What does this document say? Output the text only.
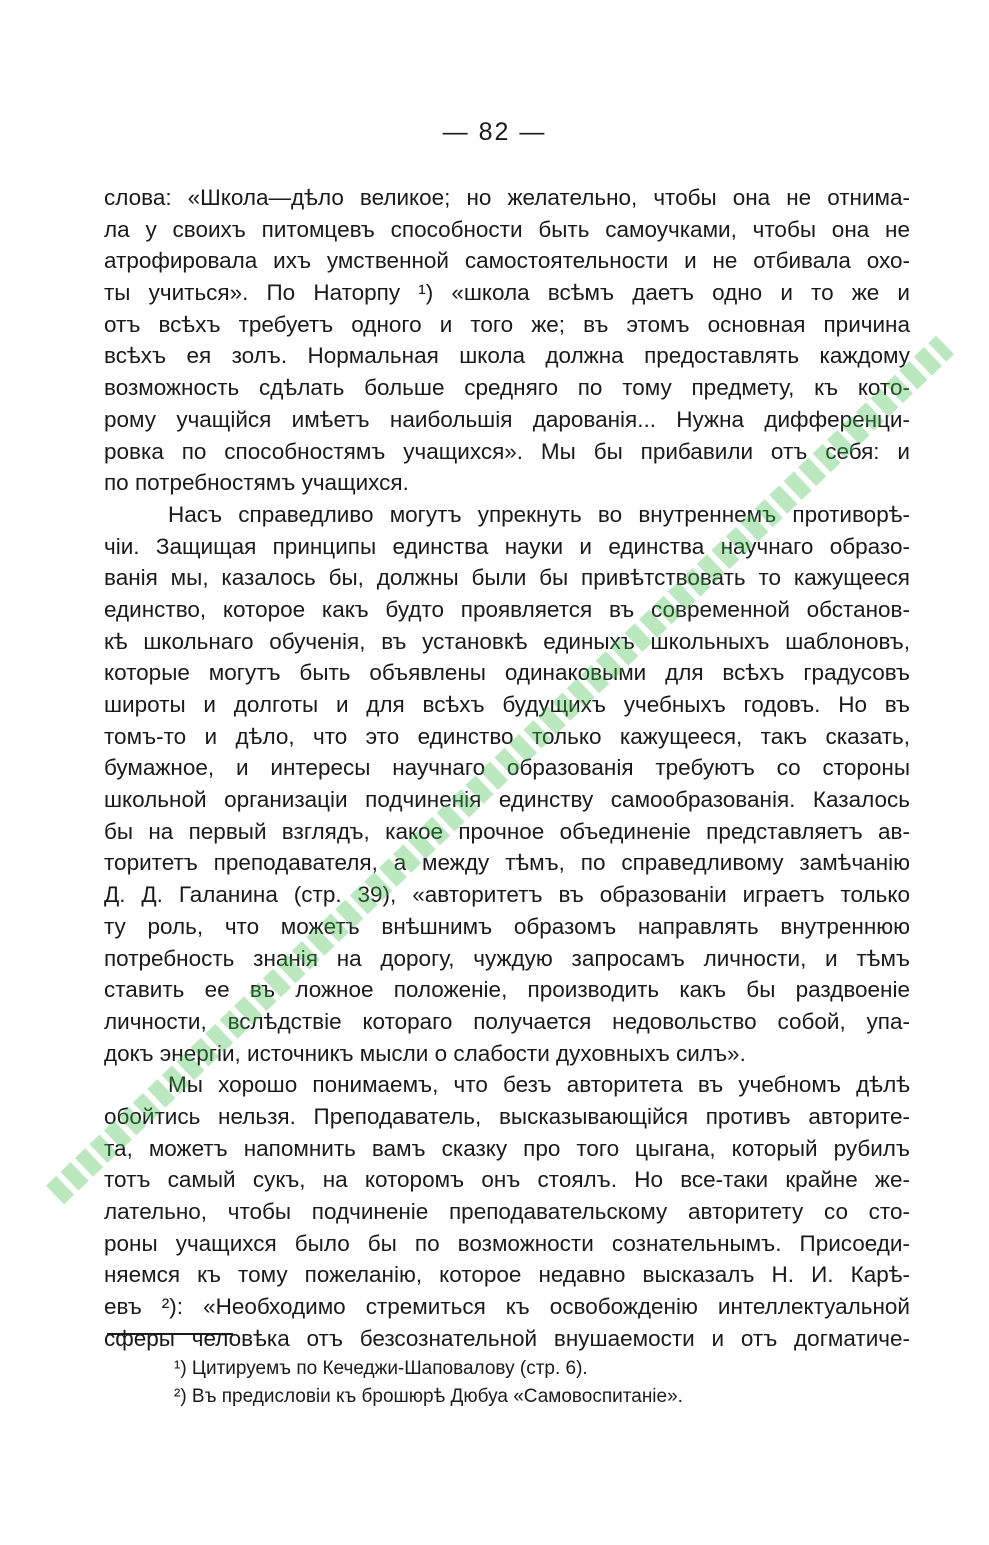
— 82 —
слова: «Школа—дѣло великое; но желательно, чтобы она не отнима-
ла у своихъ питомцевъ способности быть самоучками, чтобы она не
атрофировала ихъ умственной самостоятельности и не отбивала охо-
ты учиться». По Наторпу ¹) «школа всѣмъ даетъ одно и то же и
отъ всѣхъ требуетъ одного и того же; въ этомъ основная причина
всѣхъ ея золъ. Нормальная школа должна предоставлять каждому
возможность сдѣлать больше средняго по тому предмету, къ кото-
рому учащійся имѣетъ наибольшія дарованія... Нужна дифференци-
ровка по способностямъ учащихся». Мы бы прибавили отъ себя: и
по потребностямъ учащихся.
Насъ справедливо могутъ упрекнуть во внутреннемъ противорѣ-
чіи. Защищая принципы единства науки и единства научнаго образо-
ванія мы, казалось бы, должны были бы привѣтствовать то кажущееся
единство, которое какъ будто проявляется въ современной обстанов-
кѣ школьнаго обученія, въ установкѣ единыхъ школьныхъ шаблоновъ,
которые могутъ быть объявлены одинаковыми для всѣхъ градусовъ
широты и долготы и для всѣхъ будущихъ учебныхъ годовъ. Но въ
томъ-то и дѣло, что это единство только кажущееся, такъ сказать,
бумажное, и интересы научнаго образованія требуютъ со стороны
школьной организаціи подчиненія единству самообразованія. Казалось
бы на первый взглядъ, какое прочное объединеніе представляетъ ав-
торитетъ преподавателя, а между тѣмъ, по справедливому замѣчанію
Д. Д. Галанина (стр. 39), «авторитетъ въ образованіи играетъ только
ту роль, что можетъ внѣшнимъ образомъ направлять внутреннюю
потребность знанія на дорогу, чуждую запросамъ личности, и тѣмъ
ставить ее въ ложное положеніе, производить какъ бы раздвоеніе
личности, вслѣдствіе котораго получается недовольство собой, упа-
докъ энергіи, источникъ мысли о слабости духовныхъ силъ».
Мы хорошо понимаемъ, что безъ авторитета въ учебномъ дѣлѣ
обойтись нельзя. Преподаватель, высказывающійся противъ авторите-
та, можетъ напомнить вамъ сказку про того цыгана, который рубилъ
тотъ самый сукъ, на которомъ онъ стоялъ. Но все-таки крайне же-
лательно, чтобы подчиненіе преподавательскому авторитету со сто-
роны учащихся было бы по возможности сознательнымъ. Присоеди-
няемся къ тому пожеланію, которое недавно высказалъ Н. И. Карѣ-
евъ ²): «Необходимо стремиться къ освобожденію интеллектуальной
сферы человѣка отъ безсознательной внушаемости и отъ догматиче-
¹) Цитируемъ по Кечеджи-Шаповалову (стр. 6).
²) Въ предисловіи къ брошюрѣ Дюбуа «Самовоспитаніе».
